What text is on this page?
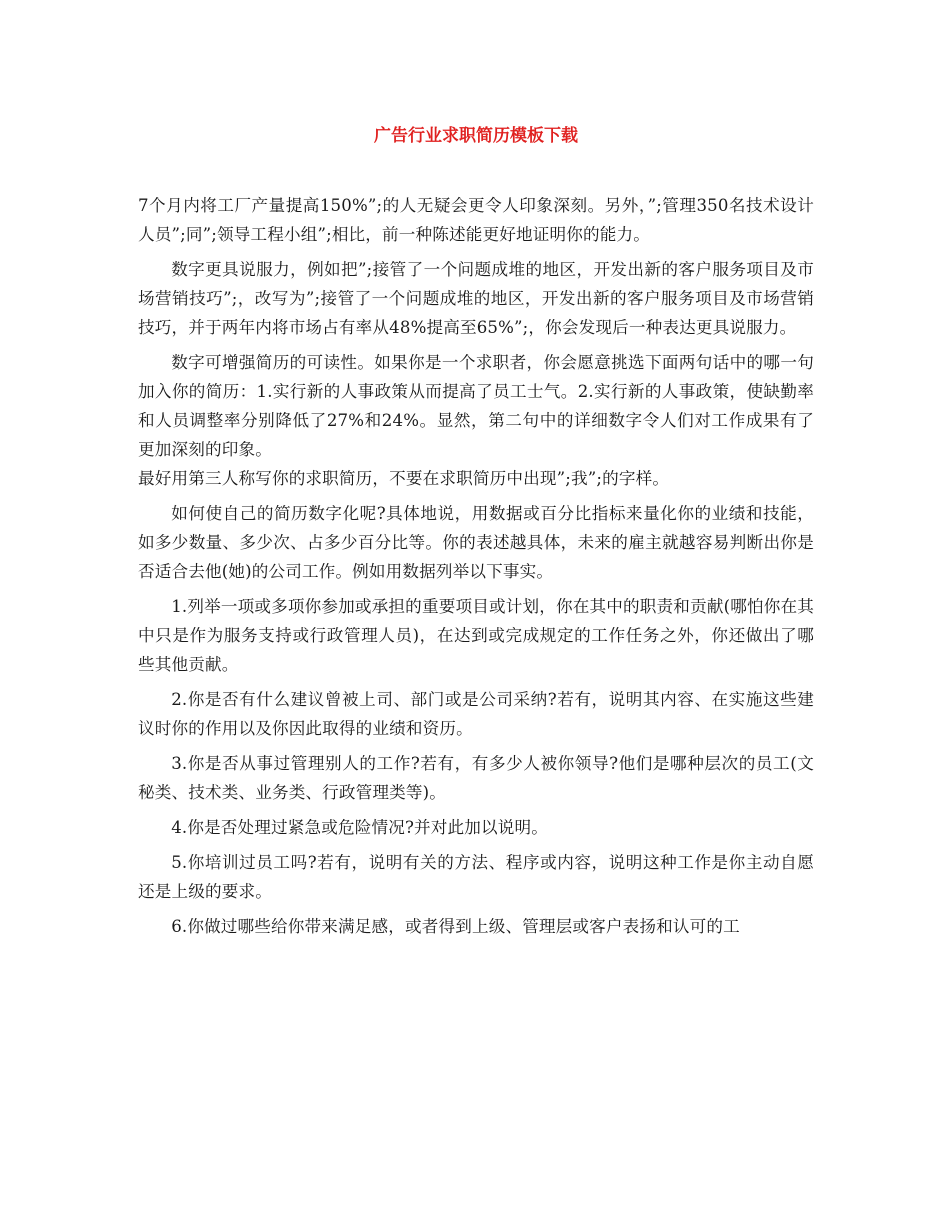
广告行业求职简历模板下载

7个月内将工厂产量提高150%”;的人无疑会更令人印象深刻。另外，”;管理350名技术设计人员”;同”;领导工程小组”;相比，前一种陈述能更好地证明你的能力。

数字更具说服力，例如把”;接管了一个问题成堆的地区，开发出新的客户服务项目及市场营销技巧”;，改写为”;接管了一个问题成堆的地区，开发出新的客户服务项目及市场营销技巧，并于两年内将市场占有率从48%提高至65%”;，你会发现后一种表达更具说服力。

数字可增强简历的可读性。如果你是一个求职者，你会愿意挑选下面两句话中的哪一句加入你的简历：1.实行新的人事政策从而提高了员工士气。2.实行新的人事政策，使缺勤率和人员调整率分别降低了27%和24%。显然，第二句中的详细数字令人们对工作成果有了更加深刻的印象。

最好用第三人称写你的求职简历，不要在求职简历中出现”;我”;的字样。

如何使自己的简历数字化呢?具体地说，用数据或百分比指标来量化你的业绩和技能，如多少数量、多少次、占多少百分比等。你的表述越具体，未来的雇主就越容易判断出你是否适合去他(她)的公司工作。例如用数据列举以下事实。

1.列举一项或多项你参加或承担的重要项目或计划，你在其中的职责和贡献(哪怕你在其中只是作为服务支持或行政管理人员)，在达到或完成规定的工作任务之外，你还做出了哪些其他贡献。

2.你是否有什么建议曾被上司、部门或是公司采纳?若有，说明其内容、在实施这些建议时你的作用以及你因此取得的业绩和资历。

3.你是否从事过管理别人的工作?若有，有多少人被你领导?他们是哪种层次的员工(文秘类、技术类、业务类、行政管理类等)。

4.你是否处理过紧急或危险情况?并对此加以说明。

5.你培训过员工吗?若有，说明有关的方法、程序或内容，说明这种工作是你主动自愿还是上级的要求。

6.你做过哪些给你带来满足感，或者得到上级、管理层或客户表扬和认可的工
